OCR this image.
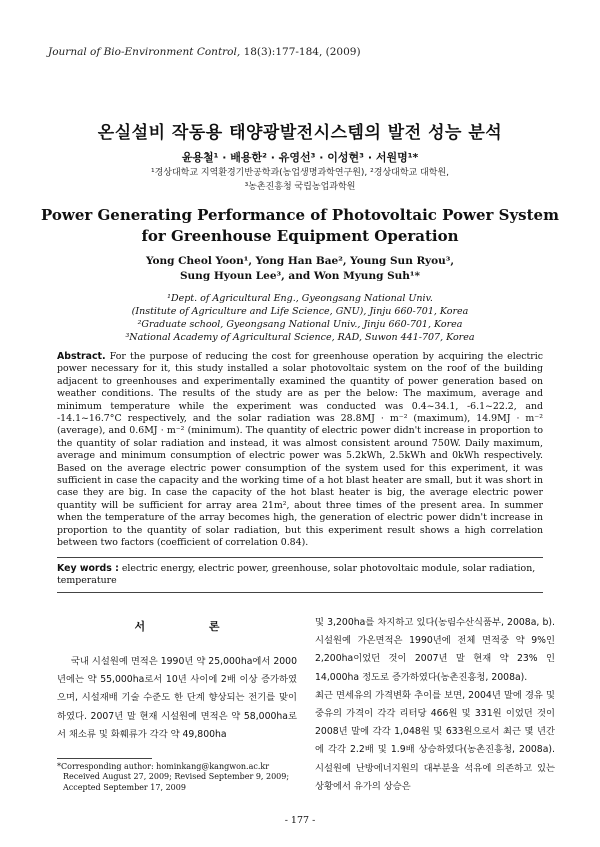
Journal of Bio-Environment Control, 18(3):177-184, (2009)
온실설비 작동용 태양광발전시스템의 발전 성능 분석
윤용철¹ · 배용한² · 유영선³ · 이성현³ · 서원명¹*
¹경상대학교 지역환경기반공학과(농업생명과학연구원), ²경상대학교 대학원,
³농촌진흥청 국립농업과학원
Power Generating Performance of Photovoltaic Power System
for Greenhouse Equipment Operation
Yong Cheol Yoon¹, Yong Han Bae², Young Sun Ryou³,
Sung Hyoun Lee³, and Won Myung Suh¹*
¹Dept. of Agricultural Eng., Gyeongsang National Univ.
(Institute of Agriculture and Life Science, GNU), Jinju 660-701, Korea
²Graduate school, Gyeongsang National Univ., Jinju 660-701, Korea
³National Academy of Agricultural Science, RAD, Suwon 441-707, Korea
Abstract. For the purpose of reducing the cost for greenhouse operation by acquiring the electric power necessary for it, this study installed a solar photovoltaic system on the roof of the building adjacent to greenhouses and experimentally examined the quantity of power generation based on weather conditions. The results of the study are as per the below: The maximum, average and minimum temperature while the experiment was conducted was 0.4~34.1, -6.1~22.2, and -14.1~16.7°C respectively, and the solar radiation was 28.8MJ · m⁻² (maximum), 14.9MJ · m⁻² (average), and 0.6MJ · m⁻² (minimum). The quantity of electric power didn't increase in proportion to the quantity of solar radiation and instead, it was almost consistent around 750W. Daily maximum, average and minimum consumption of electric power was 5.2kWh, 2.5kWh and 0kWh respectively. Based on the average electric power consumption of the system used for this experiment, it was sufficient in case the capacity and the working time of a hot blast heater are small, but it was short in case they are big. In case the capacity of the hot blast heater is big, the average electric power quantity will be sufficient for array area 21m², about three times of the present area. In summer when the temperature of the array becomes high, the generation of electric power didn't increase in proportion to the quantity of solar radiation, but this experiment result shows a high correlation between two factors (coefficient of correlation 0.84).
Key words : electric energy, electric power, greenhouse, solar photovoltaic module, solar radiation, temperature
서 론

국내 시설원예 면적은 1990년 약 25,000ha에서 2000년에는 약 55,000ha로서 10년 사이에 2배 이상 증가하였으며, 시설재배 기술 수준도 한 단계 향상되는 전기를 맞이하였다. 2007년 말 현재 시설원예 면적은 약 58,000ha로서 채소류 및 화훼류가 각각 약 49,800ha

및 3,200ha를 차지하고 있다(농림수산식품부, 2008a, b). 시설원예 가온면적은 1990년에 전체 면적중 약 9%인 2,200ha이었던 것이 2007년 말 현재 약 23% 인 14,000ha 정도로 증가하였다(농촌진흥청, 2008a).

최근 면세유의 가격변화 추이를 보면, 2004년 말에 경유 및 중유의 가격이 각각 리터당 466원 및 331원 이었던 것이 2008년 말에 각각 1,048원 및 633원으로서 최근 몇 년간에 각각 2.2배 및 1.9배 상승하였다(농촌진흥청, 2008a). 시설원예 난방에너지원의 대부분을 석유에 의존하고 있는 상황에서 유가의 상승은

*Corresponding author: hominkang@kangwon.ac.kr
Received August 27, 2009; Revised September 9, 2009;
Accepted September 17, 2009
- 177 -
